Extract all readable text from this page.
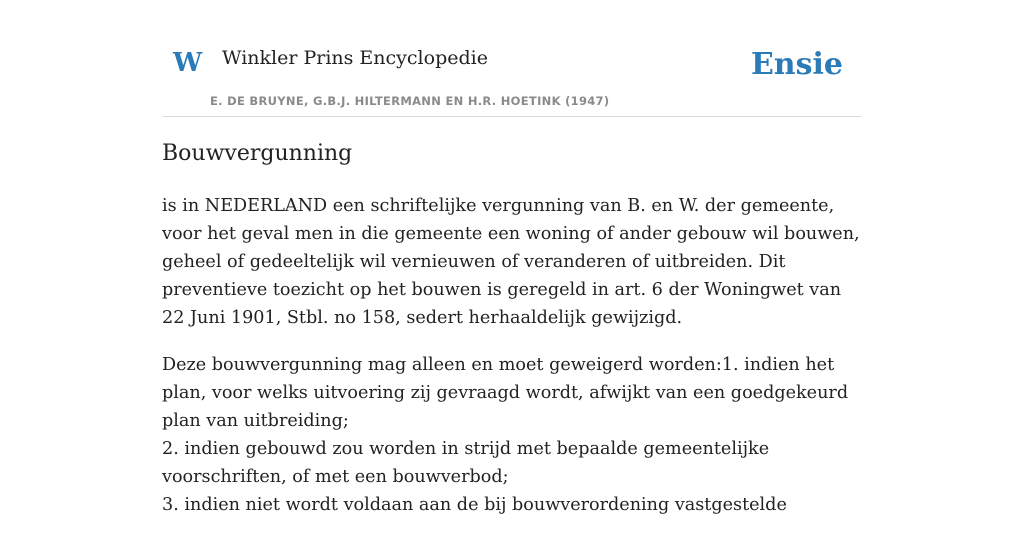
W Winkler Prins Encyclopedie
E. DE BRUYNE, G.B.J. HILTERMANN EN H.R. HOETINK (1947)
Ensie
Bouwvergunning

is in NEDERLAND een schriftelijke vergunning van B. en W. der gemeente, voor het geval men in die gemeente een woning of ander gebouw wil bouwen, geheel of gedeeltelijk wil vernieuwen of veranderen of uitbreiden. Dit preventieve toezicht op het bouwen is geregeld in art. 6 der Woningwet van 22 Juni 1901, Stbl. no 158, sedert herhaaldelijk gewijzigd.

Deze bouwvergunning mag alleen en moet geweigerd worden:1. indien het plan, voor welks uitvoering zij gevraagd wordt, afwijkt van een goedgekeurd plan van uitbreiding;
2. indien gebouwd zou worden in strijd met bepaalde gemeentelijke voorschriften, of met een bouwverbod;
3. indien niet wordt voldaan aan de bij bouwverordening vastgestelde
